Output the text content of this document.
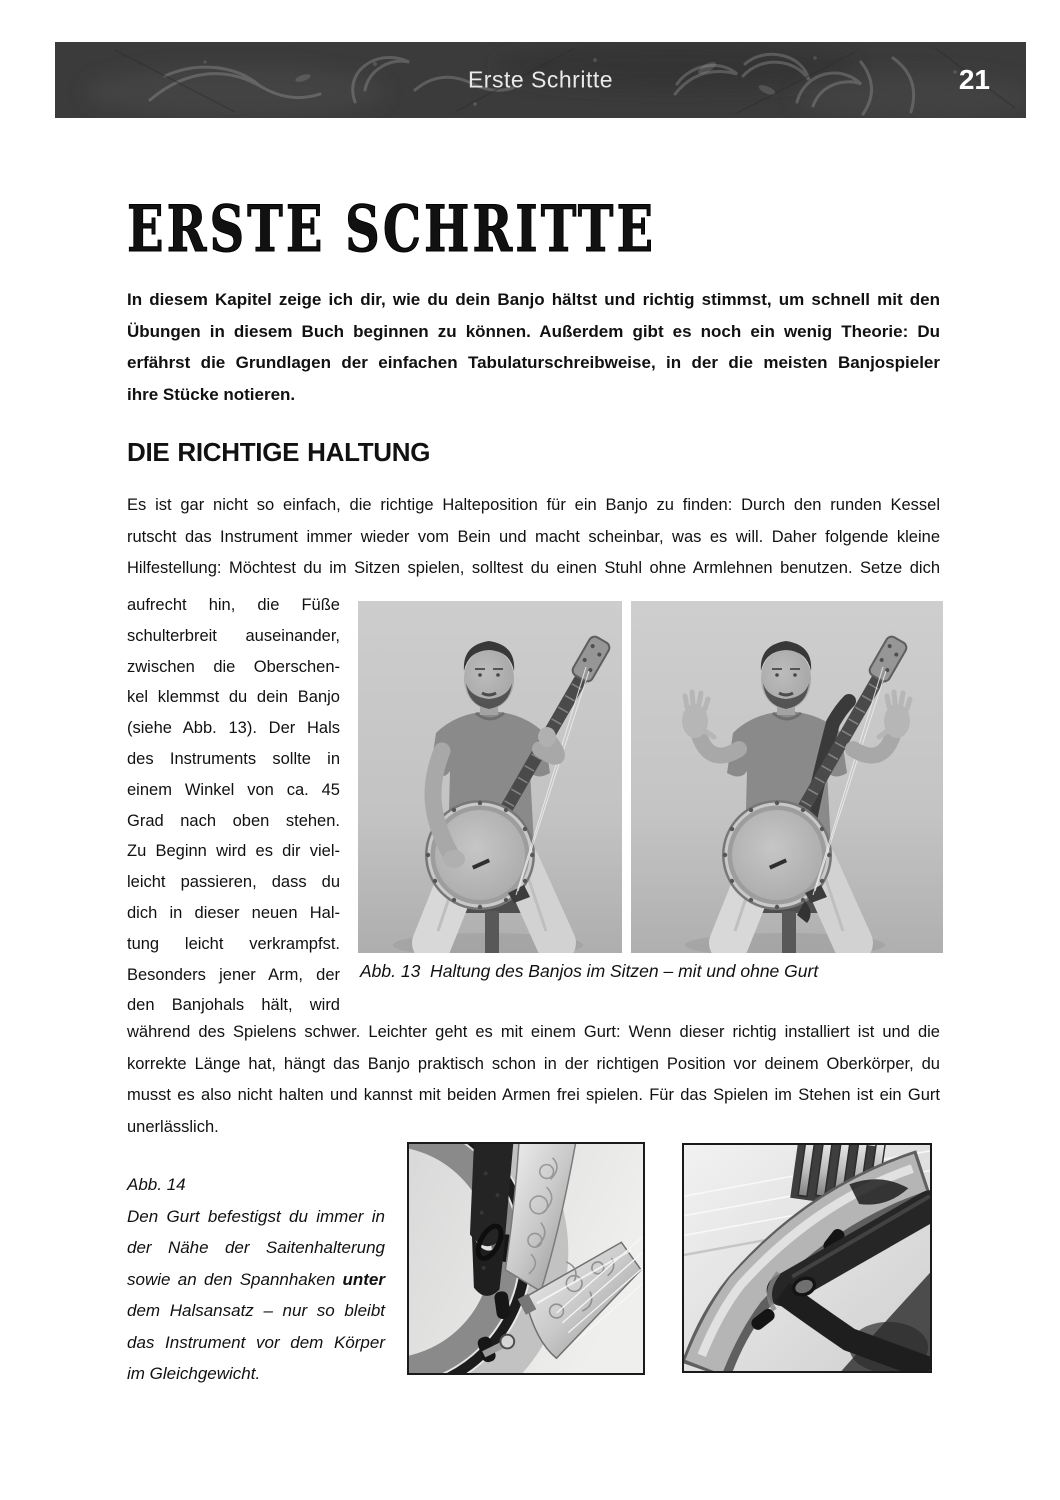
Erste Schritte	21
ERSTE SCHRITTE
In diesem Kapitel zeige ich dir, wie du dein Banjo hältst und richtig stimmst, um schnell mit den
Übungen in diesem Buch beginnen zu können. Außerdem gibt es noch ein wenig Theorie: Du
erfährst die Grundlagen der einfachen Tabulaturschreibweise, in der die meisten Banjospieler
ihre Stücke notieren.
DIE RICHTIGE HALTUNG
Es ist gar nicht so einfach, die richtige Halteposition für ein Banjo zu finden: Durch den runden Kessel
rutscht das Instrument immer wieder vom Bein und macht scheinbar, was es will. Daher folgende kleine
Hilfestellung: Möchtest du im Sitzen spielen, solltest du einen Stuhl ohne Armlehnen benutzen. Setze dich
aufrecht hin, die Füße
schulterbreit auseinander,
zwischen die Oberschen-
kel klemmst du dein Banjo
(siehe Abb. 13). Der Hals
des Instruments sollte in
einem Winkel von ca. 45
Grad nach oben stehen.
Zu Beginn wird es dir viel-
leicht passieren, dass du
dich in dieser neuen Hal-
tung leicht verkrampfst.
Besonders jener Arm, der
den Banjohals hält, wird
Abb. 13  Haltung des Banjos im Sitzen – mit und ohne Gurt
während des Spielens schwer. Leichter geht es mit einem Gurt: Wenn dieser richtig installiert ist und die
korrekte Länge hat, hängt das Banjo praktisch schon in der richtigen Position vor deinem Oberkörper, du
musst es also nicht halten und kannst mit beiden Armen frei spielen. Für das Spielen im Stehen ist ein Gurt
unerlässlich.
Abb. 14
Den Gurt befestigst du immer in
der Nähe der Saitenhalterung
sowie an den Spannhaken unter
dem Halsansatz – nur so bleibt
das Instrument vor dem Körper
im Gleichgewicht.
